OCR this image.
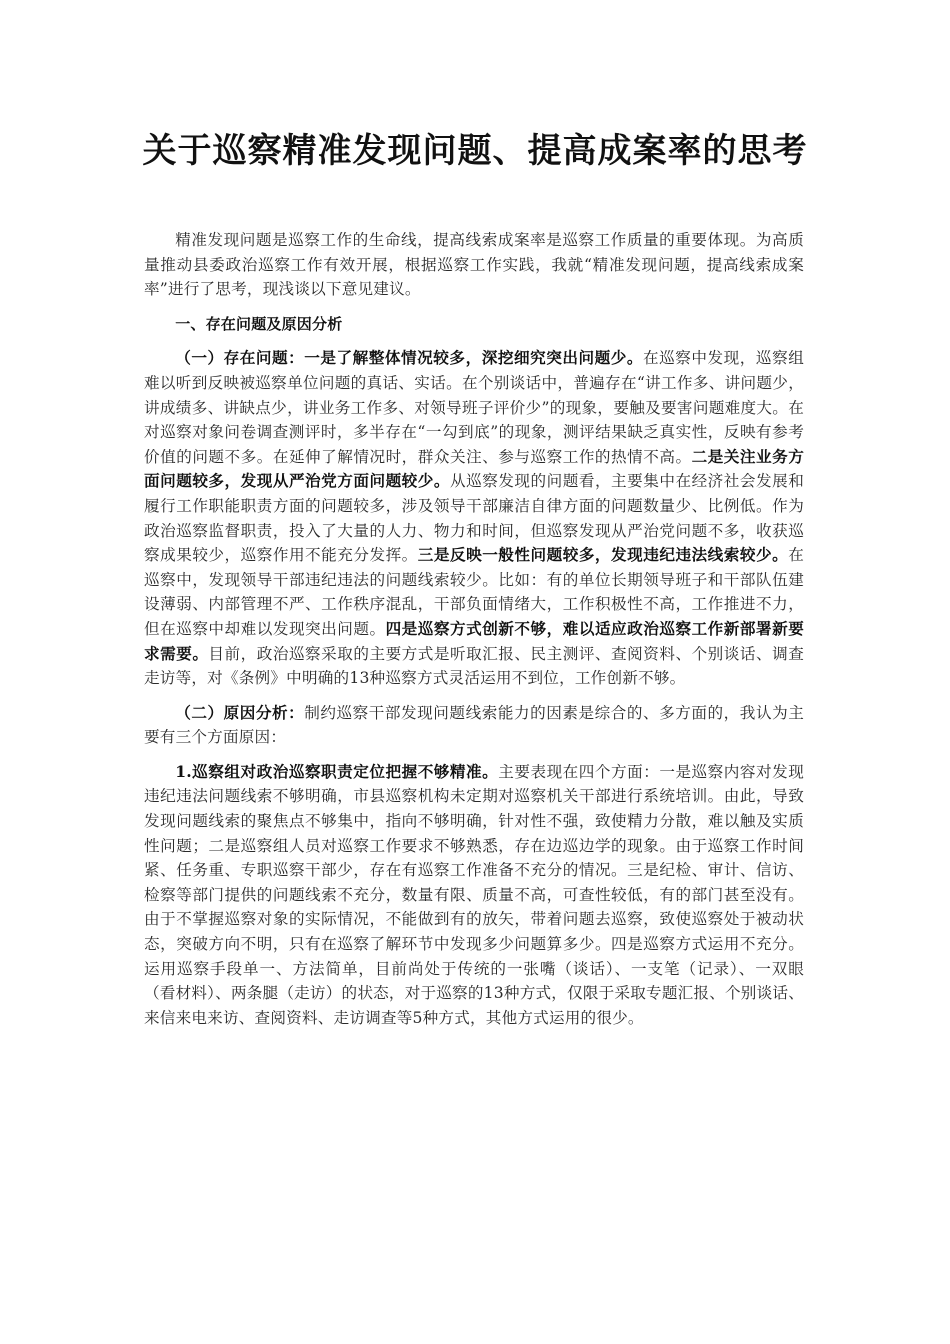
关于巡察精准发现问题、提高成案率的思考

精准发现问题是巡察工作的生命线，提高线索成案率是巡察工作质量的重要体现。为高质量推动县委政治巡察工作有效开展，根据巡察工作实践，我就“精准发现问题，提高线索成案率”进行了思考，现浅谈以下意见建议。

一、存在问题及原因分析

（一）存在问题：一是了解整体情况较多，深挖细究突出问题少。在巡察中发现，巡察组难以听到反映被巡察单位问题的真话、实话。在个别谈话中，普遍存在“讲工作多、讲问题少，讲成绩多、讲缺点少，讲业务工作多、对领导班子评价少”的现象，要触及要害问题难度大。在对巡察对象问卷调查测评时，多半存在“一勾到底”的现象，测评结果缺乏真实性，反映有参考价值的问题不多。在延伸了解情况时，群众关注、参与巡察工作的热情不高。二是关注业务方面问题较多，发现从严治党方面问题较少。从巡察发现的问题看，主要集中在经济社会发展和履行工作职能职责方面的问题较多，涉及领导干部廉洁自律方面的问题数量少、比例低。作为政治巡察监督职责，投入了大量的人力、物力和时间，但巡察发现从严治党问题不多，收获巡察成果较少，巡察作用不能充分发挥。三是反映一般性问题较多，发现违纪违法线索较少。在巡察中，发现领导干部违纪违法的问题线索较少。比如：有的单位长期领导班子和干部队伍建设薄弱、内部管理不严、工作秩序混乱，干部负面情绪大，工作积极性不高，工作推进不力，但在巡察中却难以发现突出问题。四是巡察方式创新不够，难以适应政治巡察工作新部署新要求需要。目前，政治巡察采取的主要方式是听取汇报、民主测评、查阅资料、个别谈话、调查走访等，对《条例》中明确的13种巡察方式灵活运用不到位，工作创新不够。

（二）原因分析：制约巡察干部发现问题线索能力的因素是综合的、多方面的，我认为主要有三个方面原因：

1.巡察组对政治巡察职责定位把握不够精准。主要表现在四个方面：一是巡察内容对发现违纪违法问题线索不够明确，市县巡察机构未定期对巡察机关干部进行系统培训。由此，导致发现问题线索的聚焦点不够集中，指向不够明确，针对性不强，致使精力分散，难以触及实质性问题；二是巡察组人员对巡察工作要求不够熟悉，存在边巡边学的现象。由于巡察工作时间紧、任务重、专职巡察干部少，存在有巡察工作准备不充分的情况。三是纪检、审计、信访、检察等部门提供的问题线索不充分，数量有限、质量不高，可查性较低，有的部门甚至没有。由于不掌握巡察对象的实际情况，不能做到有的放矢，带着问题去巡察，致使巡察处于被动状态，突破方向不明，只有在巡察了解环节中发现多少问题算多少。四是巡察方式运用不充分。运用巡察手段单一、方法简单，目前尚处于传统的一张嘴（谈话）、一支笔（记录）、一双眼（看材料）、两条腿（走访）的状态，对于巡察的13种方式，仅限于采取专题汇报、个别谈话、来信来电来访、查阅资料、走访调查等5种方式，其他方式运用的很少。
